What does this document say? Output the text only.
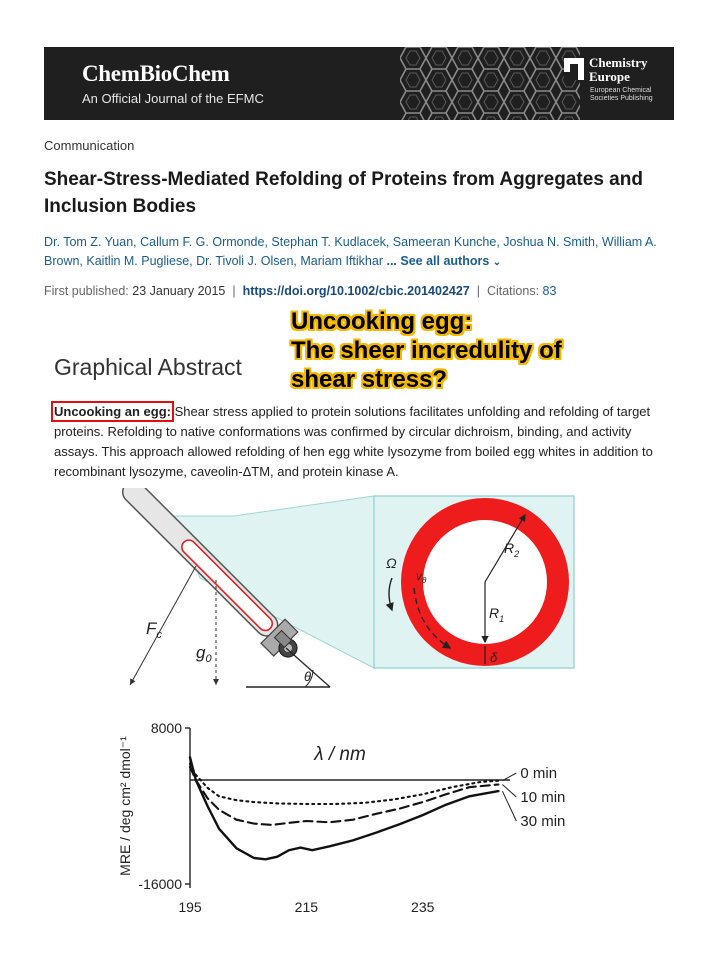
ChemBioChem
An Official Journal of the EFMC
Chemistry
Europe
European Chemical
Societies Publishing
Communication
Shear-Stress-Mediated Refolding of Proteins from Aggregates and Inclusion Bodies
Dr. Tom Z. Yuan, Callum F. G. Ormonde, Stephan T. Kudlacek, Sameeran Kunche, Joshua N. Smith, William A. Brown, Kaitlin M. Pugliese, Dr. Tivoli J. Olsen, Mariam Iftikhar ... See all authors ⌄
First published: 23 January 2015  |  https://doi.org/10.1002/cbic.201402427  |  Citations: 83
Uncooking egg:
The sheer incredulity of
shear stress?
Graphical Abstract
Uncooking an egg: Shear stress applied to protein solutions facilitates unfolding and refolding of target proteins. Refolding to native conformations was confirmed by circular dichroism, binding, and activity assays. This approach allowed refolding of hen egg white lysozyme from boiled egg whites in addition to recombinant lysozyme, caveolin-ΔTM, and protein kinase A.
$F_c$
$g_0$
θ
$R_2$
$R_1$
δ
Ω
$v_\theta$
8000
-16000
195	215	235
MRE / deg cm² dmol⁻¹	λ / nm
0 min
10 min
30 min
